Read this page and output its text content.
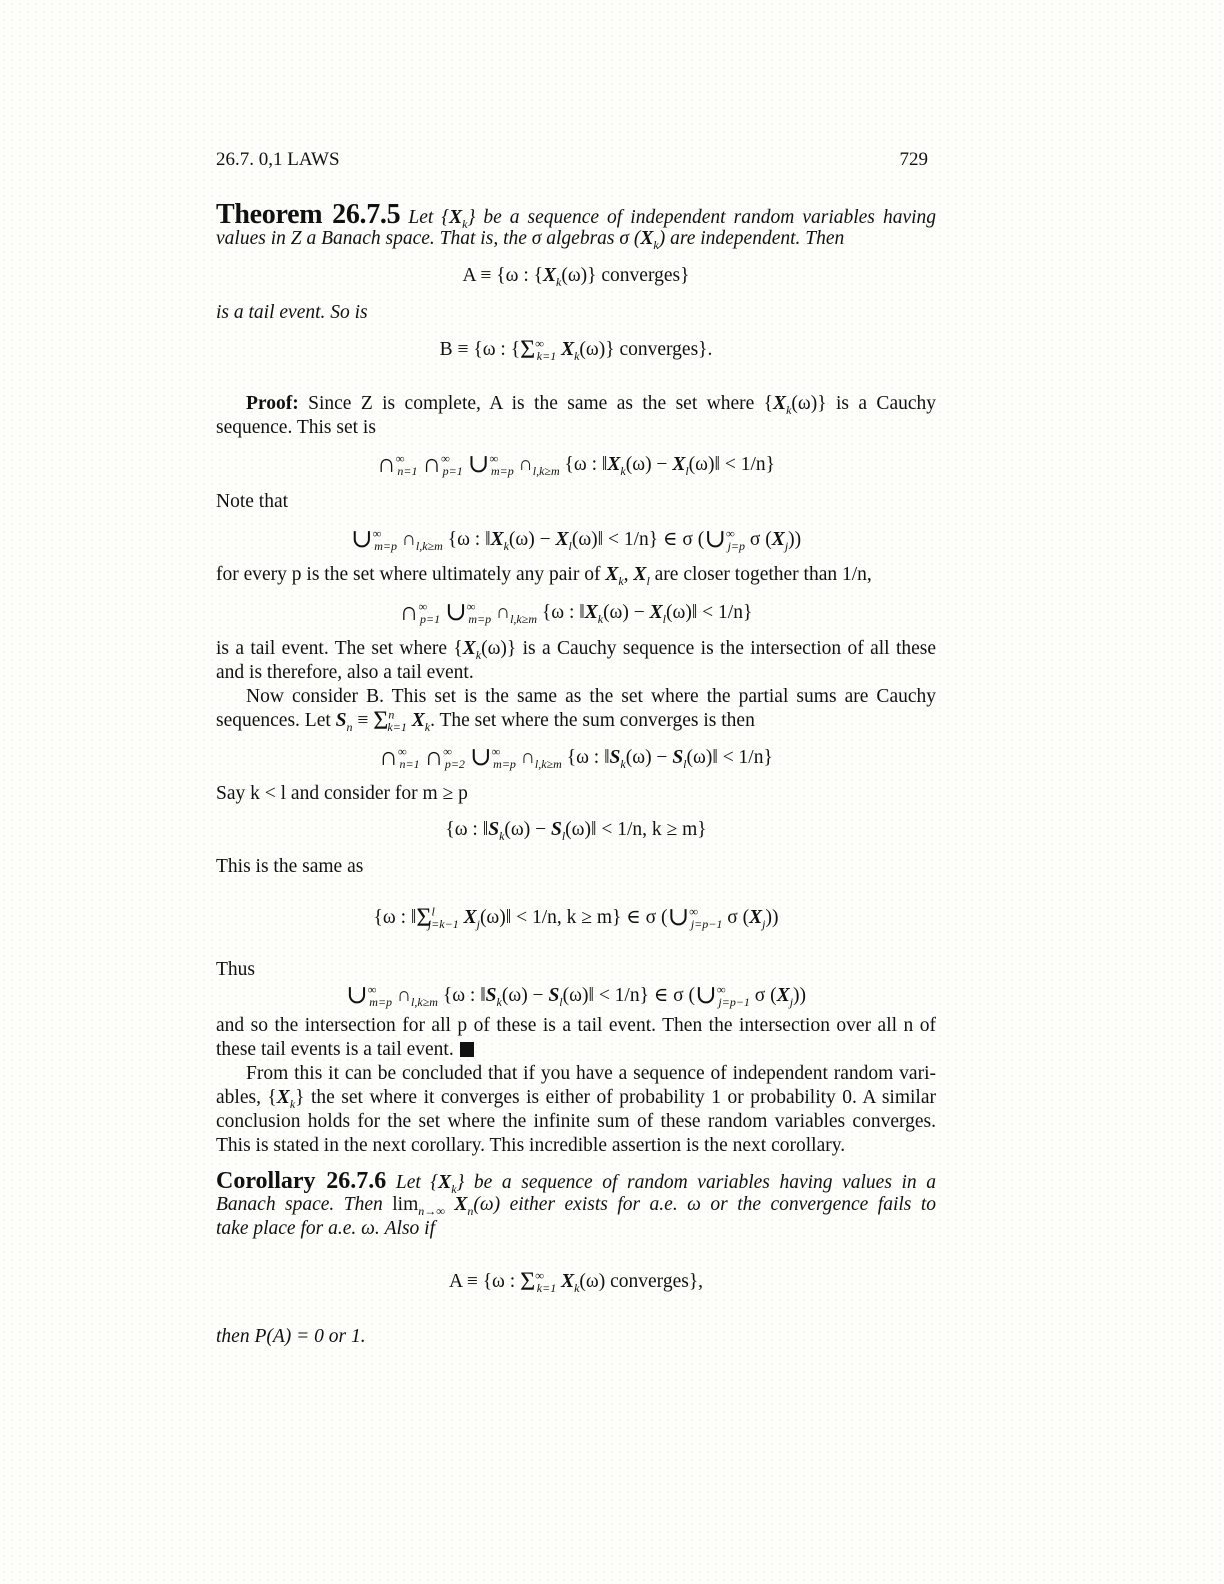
26.7. 0,1 LAWS	729
Theorem 26.7.5 Let $\{X_k\}$ be a sequence of independent random variables having
values in Z a Banach space. That is, the σ algebras σ $(X_k)$ are independent. Then
A ≡ {ω : $\{X_k(\omega)\}$ converges}
is a tail event. So is
B ≡ {ω : {$\Sigma^\infty_{k=1}$ $X_k(\omega)$} converges}.
Proof: Since Z is complete, A is the same as the set where $\{X_k(\omega)\}$ is a Cauchy
sequence. This set is
$\cap^\infty_{n=1}$ $\cap^\infty_{p=1}$ $\cup^\infty_{m=p}$ $\cap_{l,k\ge m}$ {ω : $‖X_k(\omega)$ − $X_l(\omega)‖ < 1/n$}
Note that
$\cup^\infty_{m=p}$ $\cap_{l,k\ge m}$ {ω : $‖X_k(\omega)$ − $X_l(\omega)‖ < 1/n$} ∈ σ ($\cup^\infty_{j=p}$ σ $(X_j)$)
for every p is the set where ultimately any pair of $X_k$, $X_l$ are closer together than 1/n,
$\cap^\infty_{p=1}$ $\cup^\infty_{m=p}$ $\cap_{l,k\ge m}$ {ω : $‖X_k(\omega)$ − $X_l(\omega)‖ < 1/n$}
is a tail event. The set where $\{X_k(\omega)\}$ is a Cauchy sequence is the intersection of all these
and is therefore, also a tail event.
Now consider B. This set is the same as the set where the partial sums are Cauchy
sequences. Let $S_n \equiv \Sigma^n_{k=1}$ $X_k$. The set where the sum converges is then
$\cap^\infty_{n=1}$ $\cap^\infty_{p=2}$ $\cup^\infty_{m=p}$ $\cap_{l,k\ge m}$ {ω : $‖S_k(\omega)$ − $S_l(\omega)‖ < 1/n$}
Say k < l and consider for m ≥ p
{ω : $‖S_k(\omega)$ − $S_l(\omega)‖ < 1/n$, k ≥ m}
This is the same as
{ω : $‖\Sigma^l_{j=k-1}$ $X_j(\omega)‖ < 1/n$, k ≥ m} ∈ σ ($\cup^\infty_{j=p-1}$ σ $(X_j)$)
Thus
$\cup^\infty_{m=p}$ $\cap_{l,k\ge m}$ {ω : $‖S_k(\omega)$ − $S_l(\omega)‖ < 1/n$} ∈ σ ($\cup^\infty_{j=p-1}$ σ $(X_j)$)
and so the intersection for all p of these is a tail event. Then the intersection over all n of
these tail events is a tail event.
From this it can be concluded that if you have a sequence of independent random vari-
ables, $\{X_k\}$ the set where it converges is either of probability 1 or probability 0. A similar
conclusion holds for the set where the infinite sum of these random variables converges.
This is stated in the next corollary. This incredible assertion is the next corollary.
Corollary 26.7.6 Let $\{X_k\}$ be a sequence of random variables having values in a
Banach space. Then $\lim_{n\to\infty} X_n(\omega)$ either exists for a.e. ω or the convergence fails to
take place for a.e. ω. Also if
A ≡ {ω : $\Sigma^\infty_{k=1}$ $X_k(\omega)$ converges},
then P(A) = 0 or 1.
